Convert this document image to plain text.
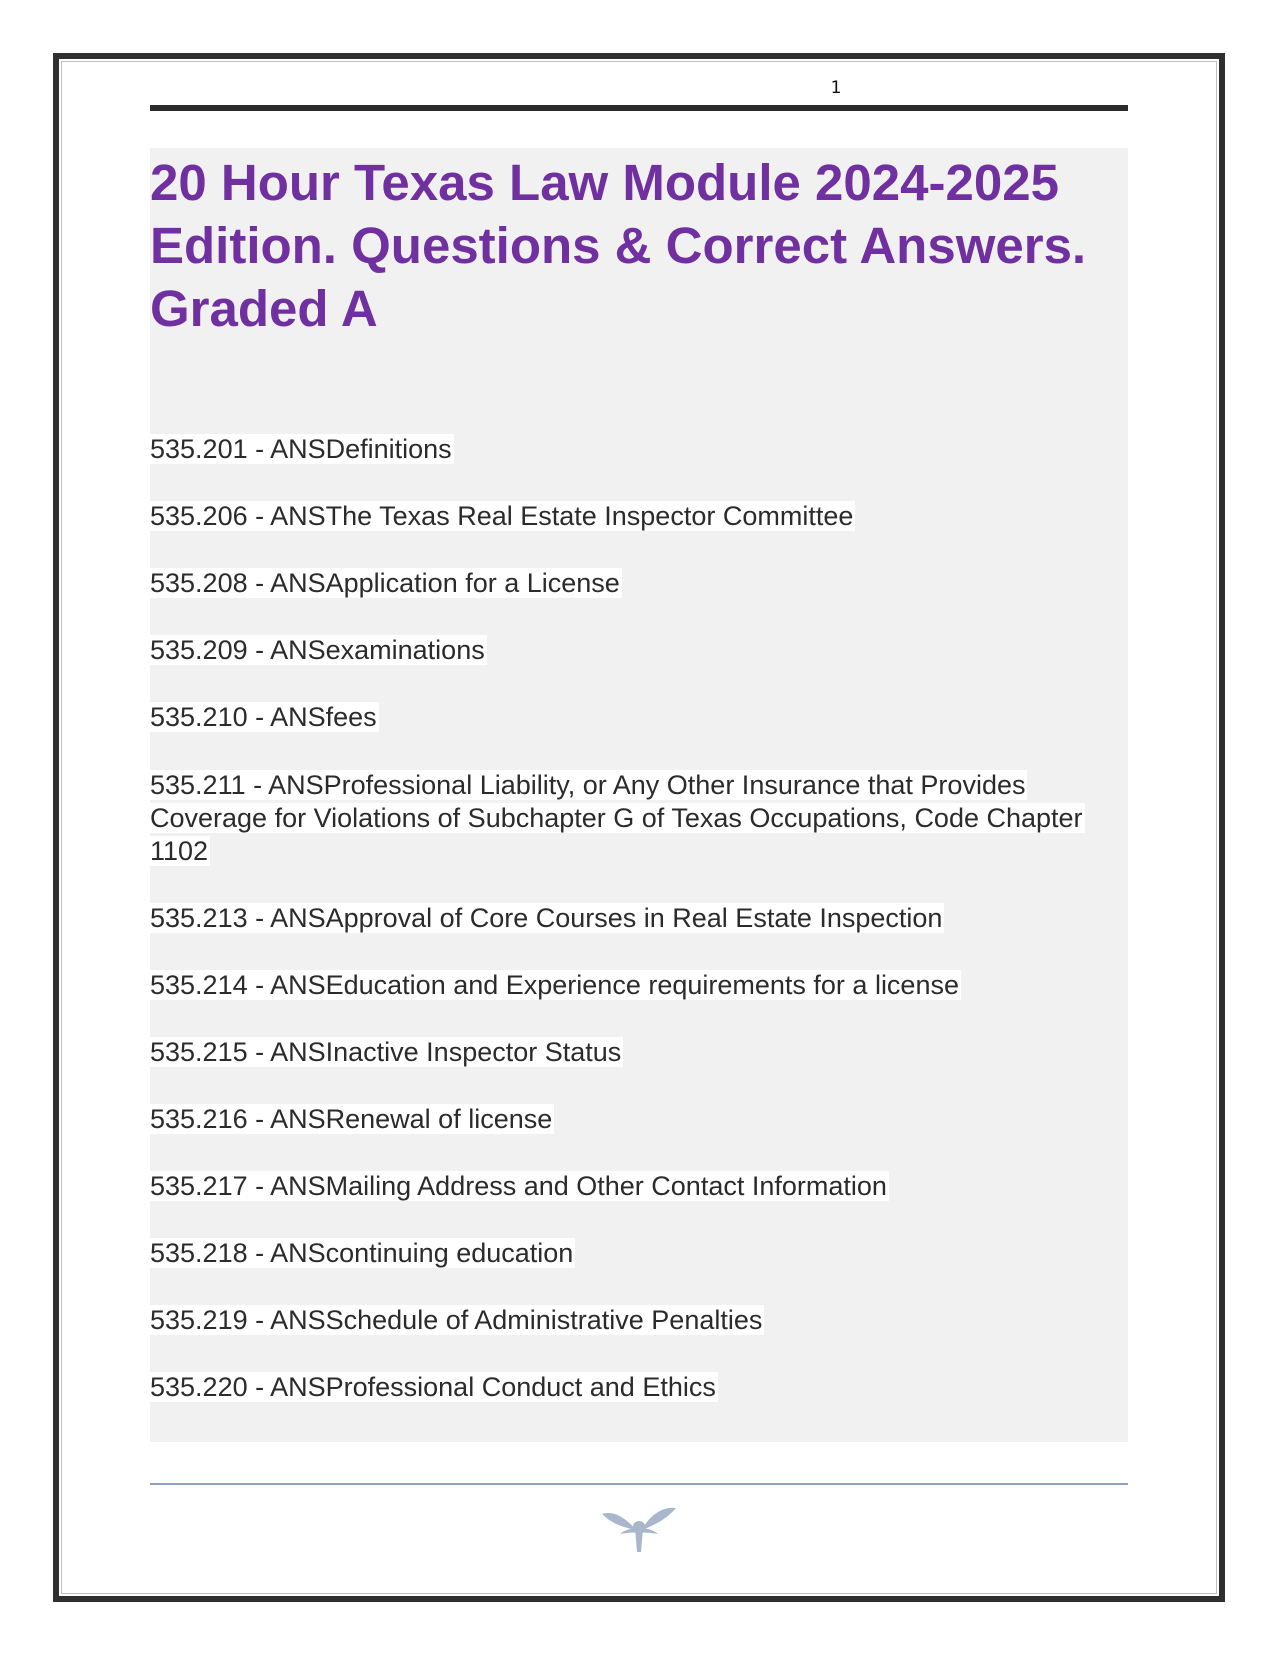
1
20 Hour Texas Law Module 2024-2025 Edition. Questions & Correct Answers. Graded A

535.201 - ANSDefinitions

535.206 - ANSThe Texas Real Estate Inspector Committee

535.208 - ANSApplication for a License

535.209 - ANSexaminations

535.210 - ANSfees

535.211 - ANSProfessional Liability, or Any Other Insurance that Provides Coverage for Violations of Subchapter G of Texas Occupations, Code Chapter 1102

535.213 - ANSApproval of Core Courses in Real Estate Inspection

535.214 - ANSEducation and Experience requirements for a license

535.215 - ANSInactive Inspector Status

535.216 - ANSRenewal of license

535.217 - ANSMailing Address and Other Contact Information

535.218 - ANScontinuing education

535.219 - ANSSchedule of Administrative Penalties

535.220 - ANSProfessional Conduct and Ethics
